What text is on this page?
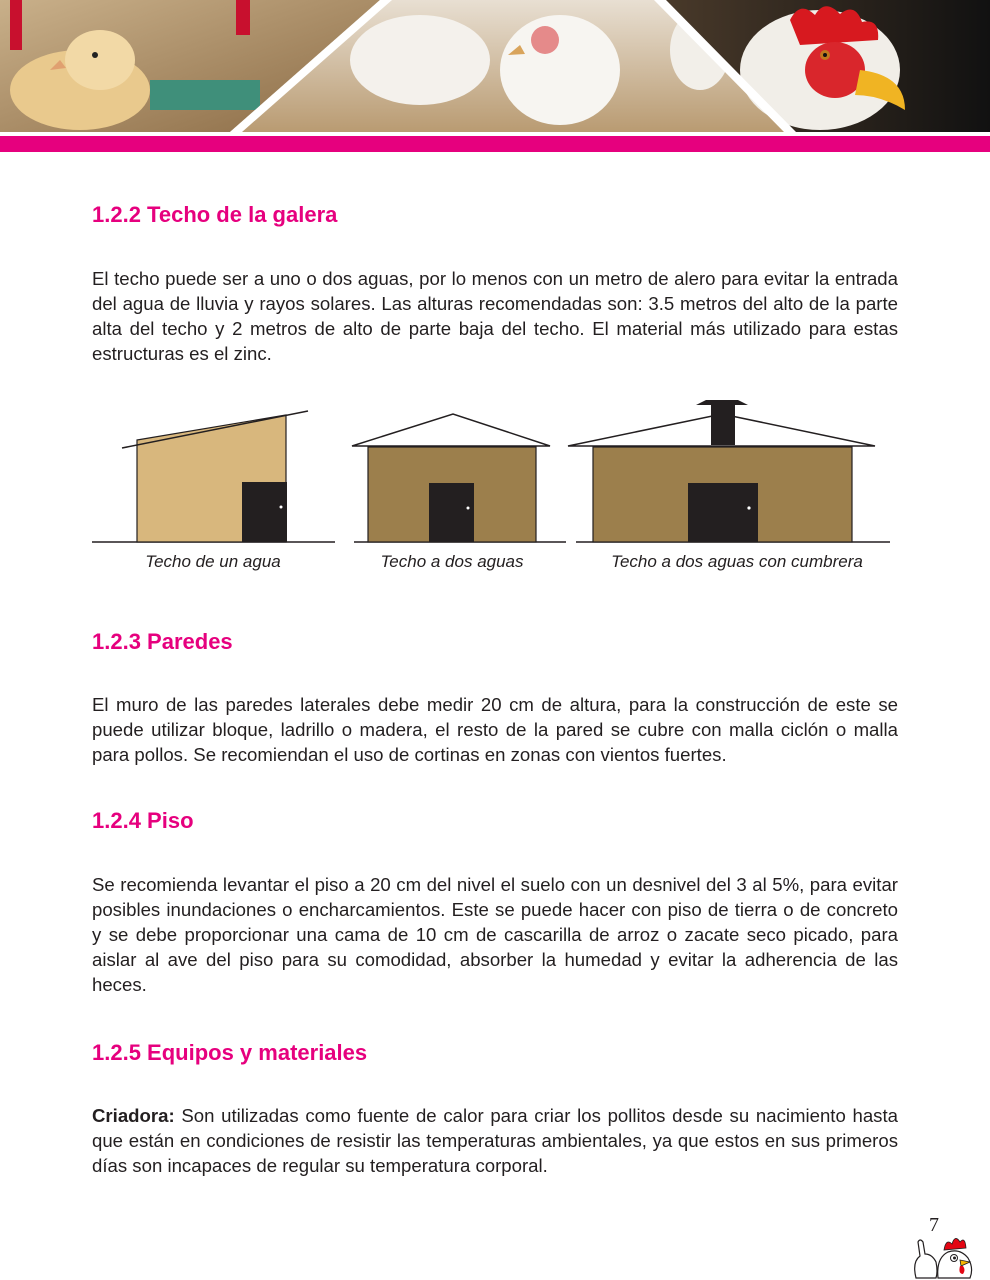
1.2.2 Techo de la galera

El techo puede ser a uno o dos aguas, por lo menos con un metro de alero para evitar la entrada del agua de lluvia y rayos solares. Las alturas recomendadas son: 3.5 metros del alto de la parte alta del techo y 2 metros de alto de parte baja del techo. El material más utilizado para estas estructuras es el zinc.

1.2.3 Paredes

El muro de las paredes laterales debe medir 20 cm de altura, para la construcción de este se puede utilizar bloque, ladrillo o madera, el resto de la pared se cubre con malla ciclón o malla para pollos. Se recomiendan el uso de cortinas en zonas con vientos fuertes.

1.2.4 Piso

Se recomienda levantar el piso a 20 cm del nivel el suelo con un desnivel del 3 al 5%, para evitar posibles inundaciones o encharcamientos. Este se puede hacer con piso de tierra o de concreto y se debe proporcionar una cama de 10 cm de cascarilla de arroz o zacate seco picado, para aislar al ave del piso para su comodidad, absorber la humedad y evitar la adherencia de las heces.

1.2.5 Equipos y materiales

Criadora: Son utilizadas como fuente de calor para criar los pollitos desde su nacimiento hasta que están en condiciones de resistir las temperaturas ambientales, ya que estos en sus primeros días son incapaces de regular su temperatura corporal.

Techo de un agua	Techo a dos aguas	Techo a dos aguas con cumbrera
7
